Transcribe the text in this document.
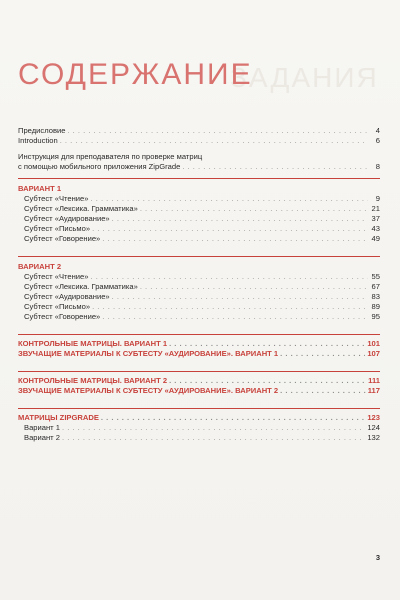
ЗАДАНИЯ
СОДЕРЖАНИЕ
Предисловие . . .	4
Introduction . . .	6
Инструкция для преподавателя по проверке матриц
с помощью мобильного приложения ZipGrade . . .	8
ВАРИАНТ 1
Субтест «Чтение» . . .	9
Субтест «Лексика. Грамматика» . . .	21
Субтест «Аудирование» . . .	37
Субтест «Письмо» . . .	43
Субтест «Говорение» . . .	49
ВАРИАНТ 2
Субтест «Чтение» . . .	55
Субтест «Лексика. Грамматика» . . .	67
Субтест «Аудирование» . . .	83
Субтест «Письмо» . . .	89
Субтест «Говорение» . . .	95
КОНТРОЛЬНЫЕ МАТРИЦЫ. ВАРИАНТ 1 . . .	101
ЗВУЧАЩИЕ МАТЕРИАЛЫ К СУБТЕСТУ «АУДИРОВАНИЕ». ВАРИАНТ 1 . . .	107
КОНТРОЛЬНЫЕ МАТРИЦЫ. ВАРИАНТ 2 . . .	111
ЗВУЧАЩИЕ МАТЕРИАЛЫ К СУБТЕСТУ «АУДИРОВАНИЕ». ВАРИАНТ 2 . . .	117
МАТРИЦЫ ZIPGRADE . . .	123
Вариант 1 . . .	124
Вариант 2 . . .	132
3
